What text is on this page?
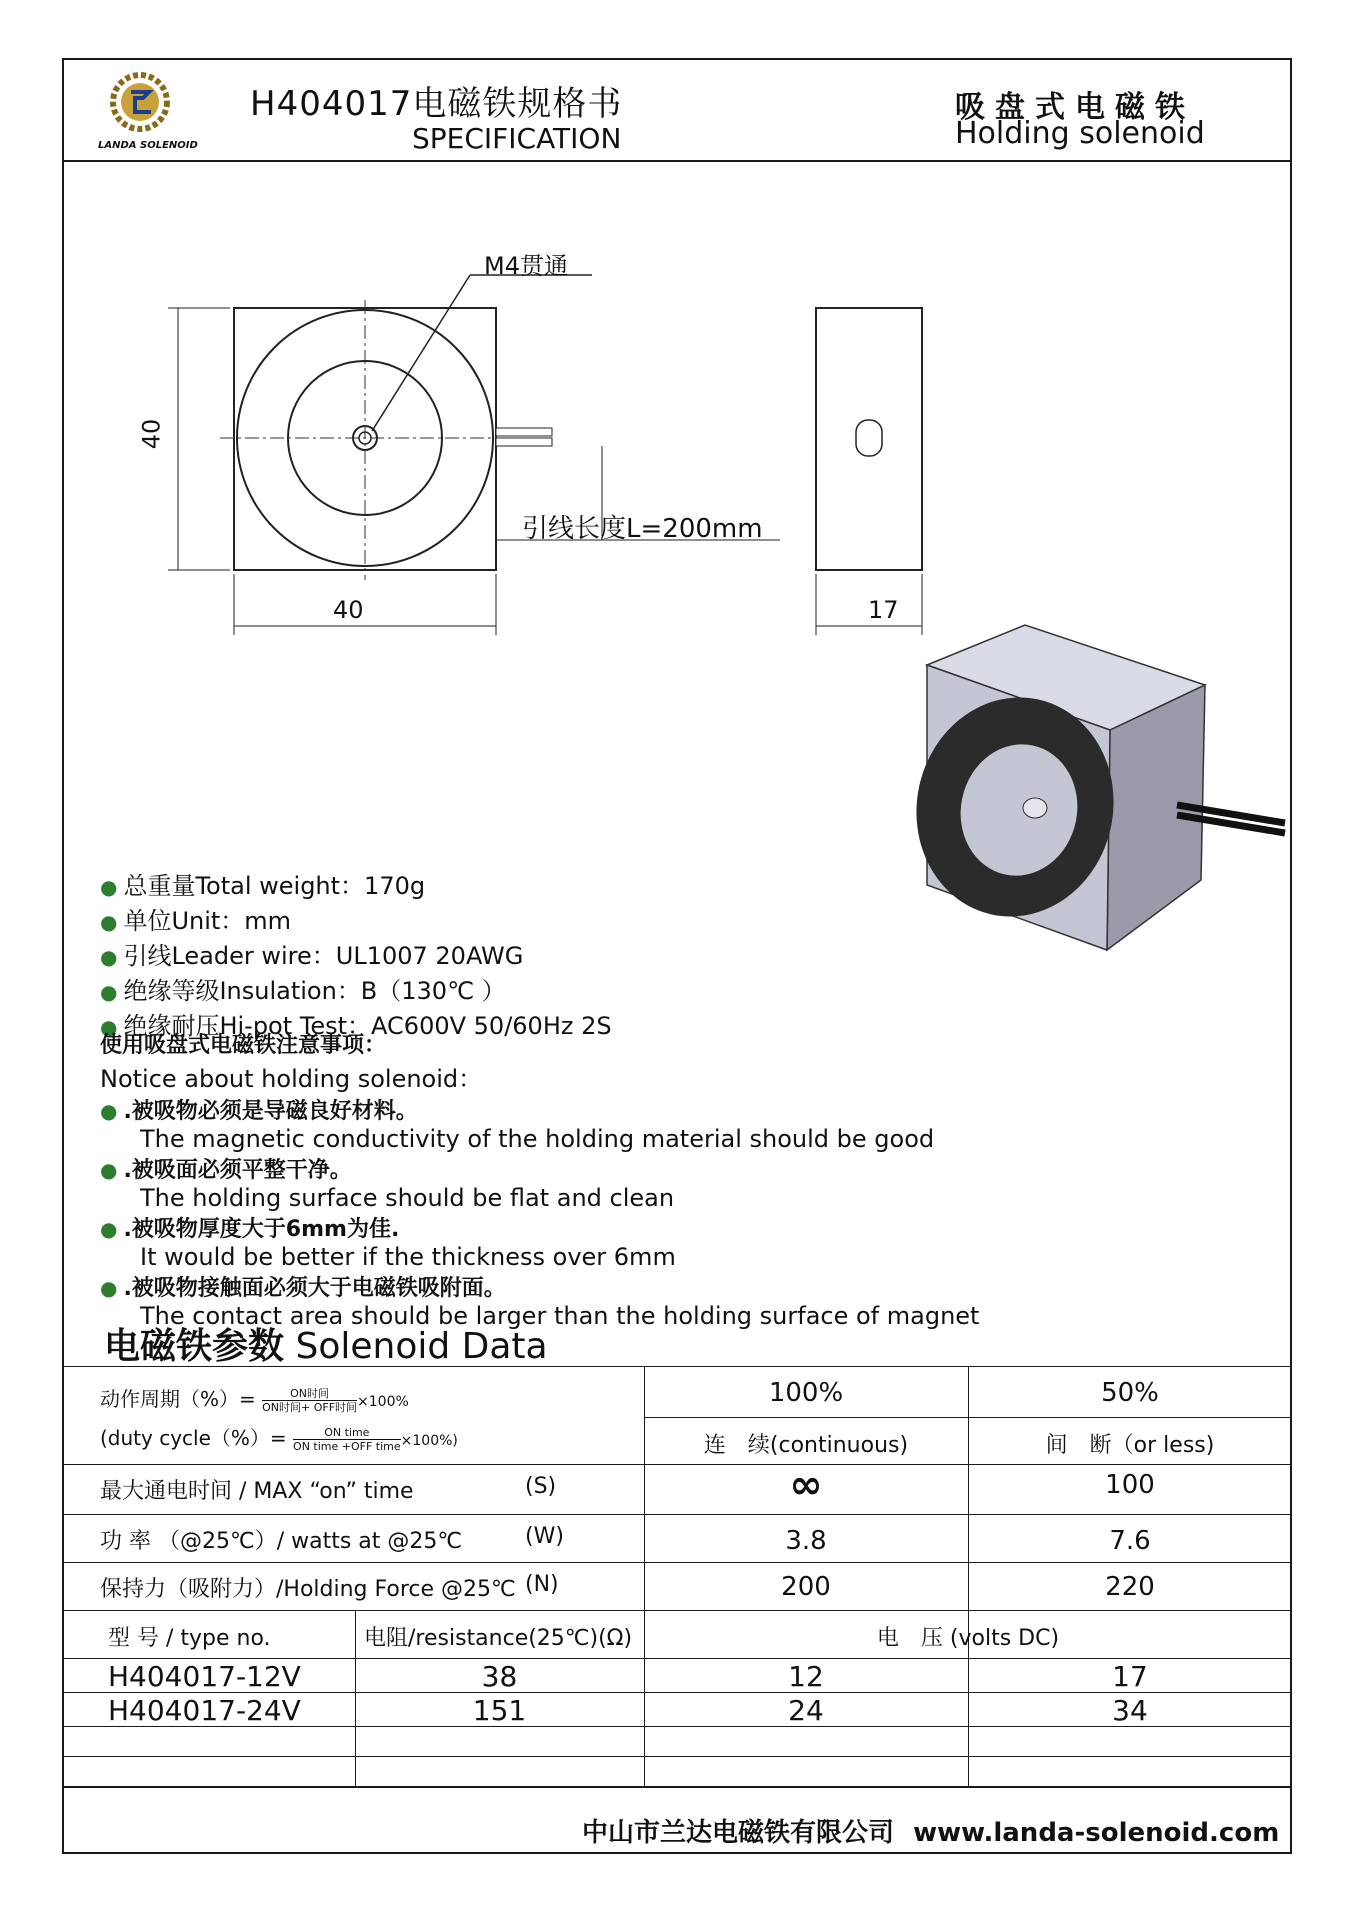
LANDA SOLENOID
H404017电磁铁规格书
SPECIFICATION
吸盘式电磁铁
Holding solenoid
M4贯通
40
40	17
引线长度L=200mm
● 总重量Total weight：170g
● 单位Unit：mm
● 引线Leader wire：UL1007 20AWG
● 绝缘等级Insulation：B（130℃ ）
● 绝缘耐压Hi-pot Test：AC600V 50/60Hz 2S
使用吸盘式电磁铁注意事项：
Notice about holding solenoid：
● .被吸物必须是导磁良好材料。
The magnetic conductivity of the holding material should be good
● .被吸面必须平整干净。
The holding surface should be flat and clean
● .被吸物厚度大于6mm为佳.
It would be better if the thickness over 6mm
● .被吸物接触面必须大于电磁铁吸附面。
The contact area should be larger than the holding surface of magnet
电磁铁参数 Solenoid Data
动作周期（%）=	ON时间
ON时间+ OFF时间 ×100%
(duty cycle（%）=	ON time
ON time +OFF time ×100%)
100%	50%
连　续(continuous)	间　断（or less)
最大通电时间 / MAX “on” time	(S)	∞	100
功 率 （@25℃）/ watts at @25℃	(W)	3.8	7.6
保持力（吸附力）/Holding Force @25℃ (N)	200	220
型 号 / type no.	电阻/resistance(25℃)(Ω)	电　压 (volts DC)
H404017-12V	38	12	17
H404017-24V	151	24	34
中山市兰达电磁铁有限公司 www.landa-solenoid.com
